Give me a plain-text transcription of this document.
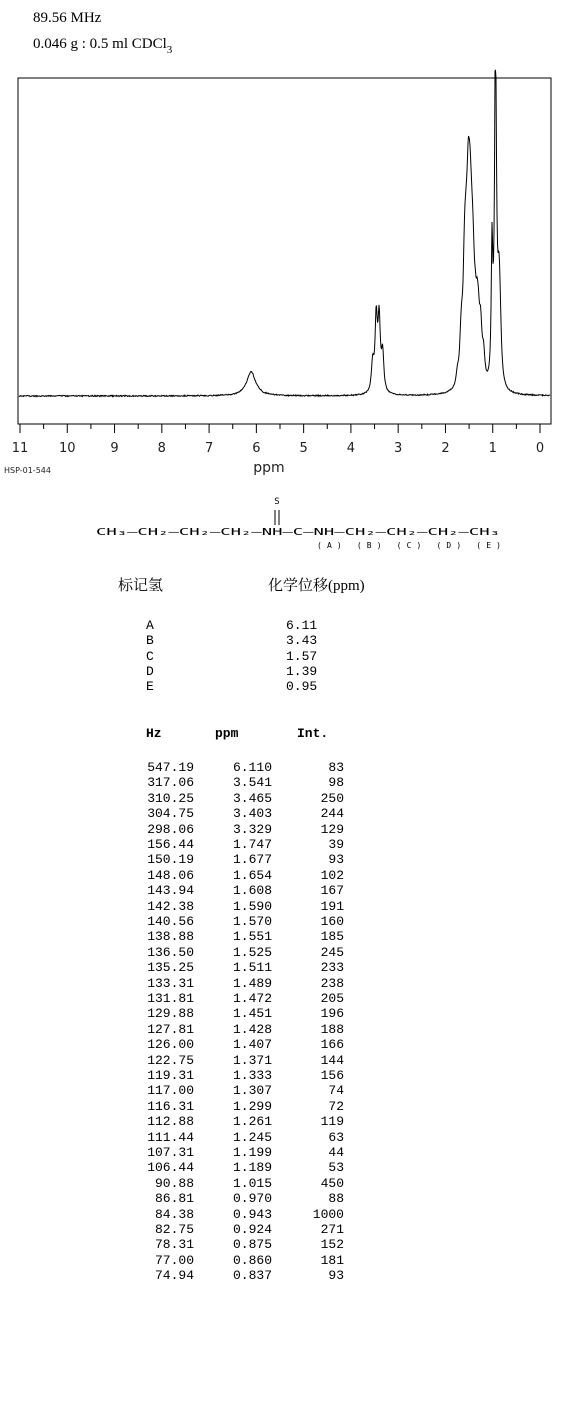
89.56 MHz
0.046 g : 0.5 ml CDCl$_3$
11 10	9	8	7	6	5	4	3	2	1	0
HSP-01-544	ppm
S
CH₃—CH₂—CH₂—CH₂—NH—C—NH—CH₂—CH₂—CH₂—CH₃
(A) (B) (C) (D) (E)
标记氢	化学位移(ppm)
A	6.11
B	3.43
C	1.57
D	1.39
E	0.95
Hz	ppm	Int.
547.19	6.110	83
317.06	3.541	98
310.25	3.465	250
304.75	3.403	244
298.06	3.329	129
156.44	1.747	39
150.19	1.677	93
148.06	1.654	102
143.94	1.608	167
142.38	1.590	191
140.56	1.570	160
138.88	1.551	185
136.50	1.525	245
135.25	1.511	233
133.31	1.489	238
131.81	1.472	205
129.88	1.451	196
127.81	1.428	188
126.00	1.407	166
122.75	1.371	144
119.31	1.333	156
117.00	1.307	74
116.31	1.299	72
112.88	1.261	119
111.44	1.245	63
107.31	1.199	44
106.44	1.189	53
90.88	1.015	450
86.81	0.970	88
84.38	0.943	1000
82.75	0.924	271
78.31	0.875	152
77.00	0.860	181
74.94	0.837	93
